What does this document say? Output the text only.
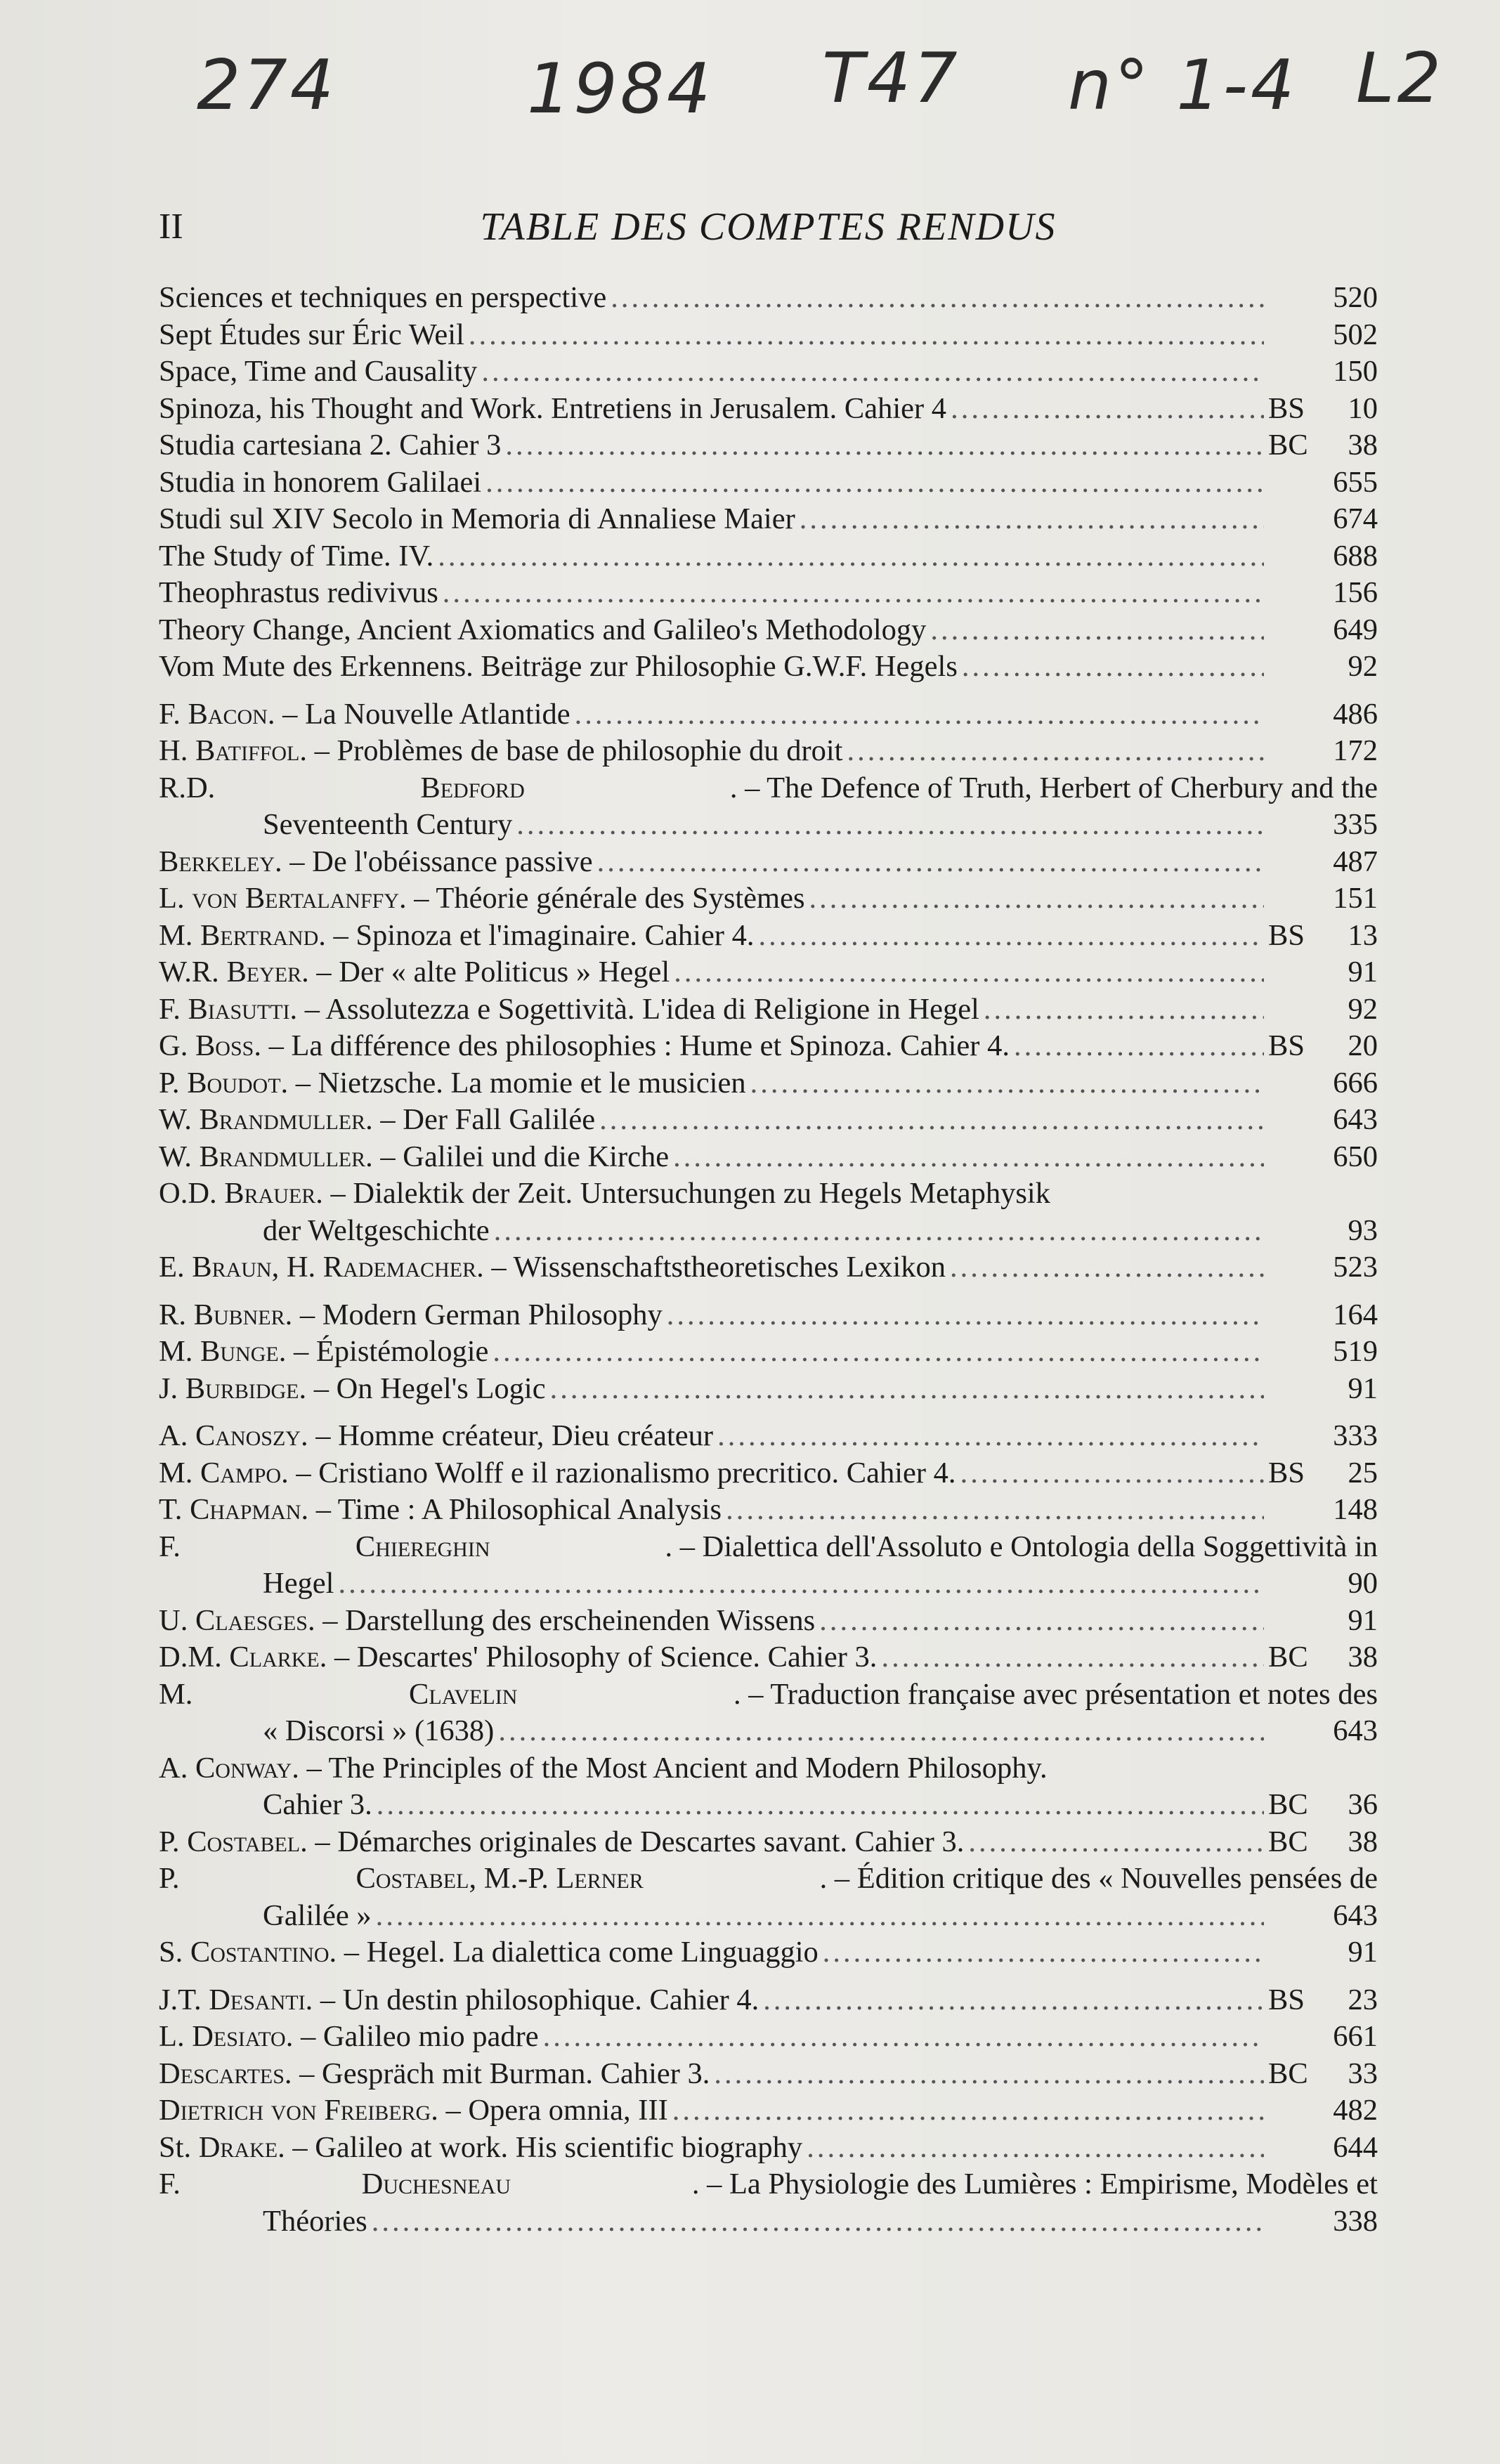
274	1984 T47 n° 1-4 L2
II	TABLE DES COMPTES RENDUS
Sciences et techniques en perspective .....	520
Sept Études sur Éric Weil .....	502
Space, Time and Causality .....	150
Spinoza, his Thought and Work. Entretiens in Jerusalem. Cahier 4 .....	BS	10
Studia cartesiana 2. Cahier 3 .....	BC	38
Studia in honorem Galilaei .....	655
Studi sul XIV Secolo in Memoria di Annaliese Maier .....	674
The Study of Time. IV. .....	688
Theophrastus redivivus .....	156
Theory Change, Ancient Axiomatics and Galileo's Methodology .....	649
Vom Mute des Erkennens. Beiträge zur Philosophie G.W.F. Hegels .....	92
F. Bacon. – La Nouvelle Atlantide .....	486
H. Batiffol. – Problèmes de base de philosophie du droit .....	172
R.D.	Bedford	. – The Defence of Truth, Herbert of Cherbury and the
Seventeenth Century .....	335
Berkeley. – De l'obéissance passive .....	487
L. von Bertalanffy. – Théorie générale des Systèmes .....	151
M. Bertrand. – Spinoza et l'imaginaire. Cahier 4. .....	BS	13
W.R. Beyer. – Der « alte Politicus » Hegel .....	91
F. Biasutti. – Assolutezza e Sogettività. L'idea di Religione in Hegel .....	92
G. Boss. – La différence des philosophies : Hume et Spinoza. Cahier 4. .....	BS	20
P. Boudot. – Nietzsche. La momie et le musicien .....	666
W. Brandmuller. – Der Fall Galilée .....	643
W. Brandmuller. – Galilei und die Kirche .....	650
O.D. Brauer. – Dialektik der Zeit. Untersuchungen zu Hegels Metaphysik
der Weltgeschichte .....	93
E. Braun, H. Rademacher. – Wissenschaftstheoretisches Lexikon .....	523
R. Bubner. – Modern German Philosophy .....	164
M. Bunge. – Épistémologie .....	519
J. Burbidge. – On Hegel's Logic .....	91
A. Canoszy. – Homme créateur, Dieu créateur .....	333
M. Campo. – Cristiano Wolff e il razionalismo precritico. Cahier 4. .....	BS	25
T. Chapman. – Time : A Philosophical Analysis .....	148
F.	Chiereghin	. – Dialettica dell'Assoluto e Ontologia della Soggettività in
Hegel .....	90
U. Claesges. – Darstellung des erscheinenden Wissens .....	91
D.M. Clarke. – Descartes' Philosophy of Science. Cahier 3. .....	BC	38
M.	Clavelin	. – Traduction française avec présentation et notes des
« Discorsi » (1638) .....	643
A. Conway. – The Principles of the Most Ancient and Modern Philosophy.
Cahier 3. .....	BC	36
P. Costabel. – Démarches originales de Descartes savant. Cahier 3. .....	BC	38
P.	Costabel, M.-P. Lerner	. – Édition critique des « Nouvelles pensées de
Galilée » .....	643
S. Costantino. – Hegel. La dialettica come Linguaggio .....	91
J.T. Desanti. – Un destin philosophique. Cahier 4. .....	BS	23
L. Desiato. – Galileo mio padre .....	661
Descartes. – Gespräch mit Burman. Cahier 3. .....	BC	33
Dietrich von Freiberg. – Opera omnia, III .....	482
St. Drake. – Galileo at work. His scientific biography .....	644
F.	Duchesneau	. – La Physiologie des Lumières : Empirisme, Modèles et
Théories .....	338
